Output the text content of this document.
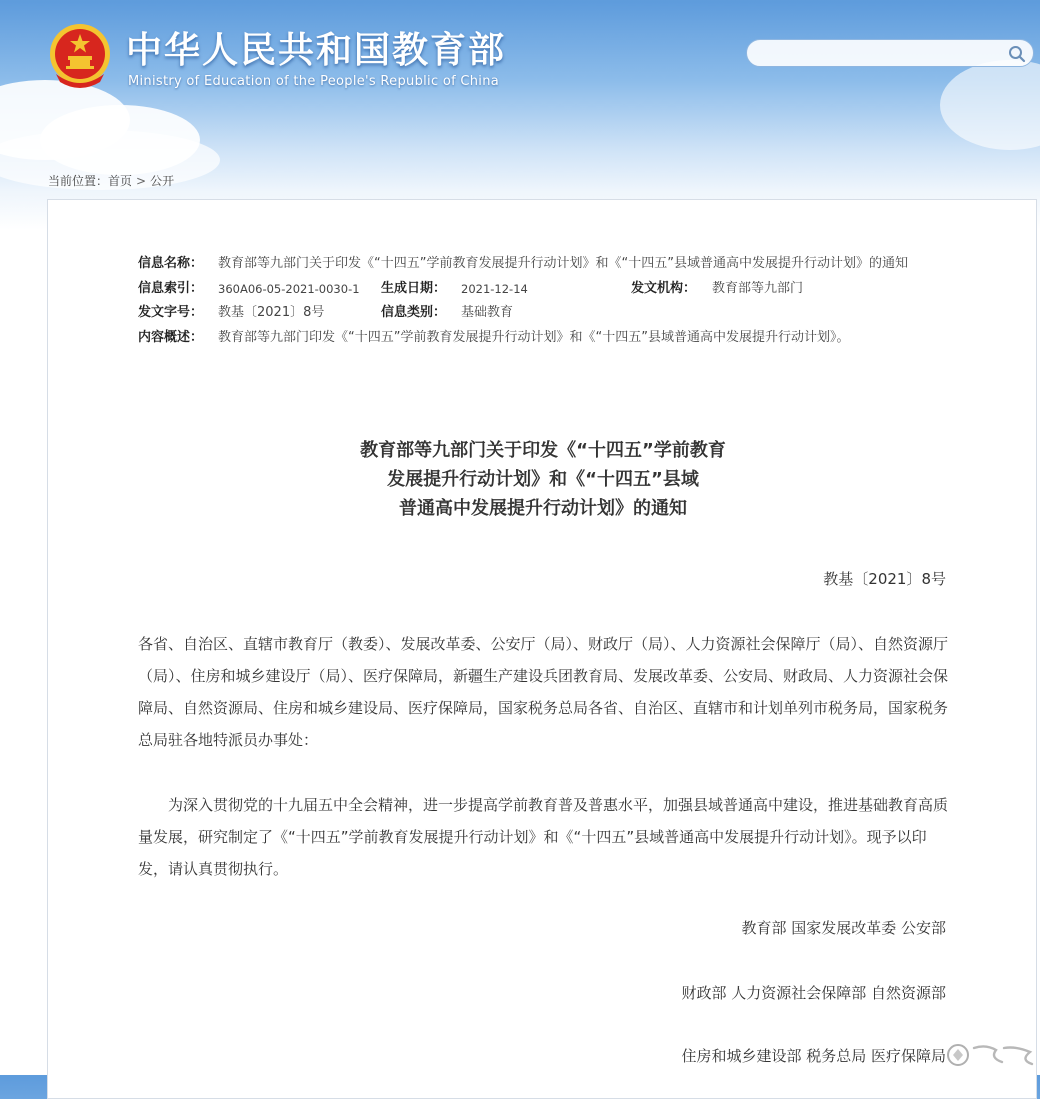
中华人民共和国教育部
Ministry of Education of the People's Republic of China
当前位置：首页 > 公开
信息名称： 教育部等九部门关于印发《“十四五”学前教育发展提升行动计划》和《“十四五”县域普通高中发展提升行动计划》的通知
信息索引： 360A06-05-2021-0030-1 生成日期： 2021-12-14	发文机构： 教育部等九部门
发文字号： 教基〔2021〕8号	信息类别： 基础教育
内容概述： 教育部等九部门印发《“十四五”学前教育发展提升行动计划》和《“十四五”县域普通高中发展提升行动计划》。
教育部等九部门关于印发《“十四五”学前教育
发展提升行动计划》和《“十四五”县域
普通高中发展提升行动计划》的通知
教基〔2021〕8号
各省、自治区、直辖市教育厅（教委）、发展改革委、公安厅（局）、财政厅（局）、人力资源社会保障厅（局）、自然资源厅（局）、住房和城乡建设厅（局）、医疗保障局，新疆生产建设兵团教育局、发展改革委、公安局、财政局、人力资源社会保障局、自然资源局、住房和城乡建设局、医疗保障局，国家税务总局各省、自治区、直辖市和计划单列市税务局，国家税务总局驻各地特派员办事处：
为深入贯彻党的十九届五中全会精神，进一步提高学前教育普及普惠水平，加强县域普通高中建设，推进基础教育高质量发展，研究制定了《“十四五”学前教育发展提升行动计划》和《“十四五”县域普通高中发展提升行动计划》。现予以印发，请认真贯彻执行。
教育部 国家发展改革委 公安部
财政部 人力资源社会保障部 自然资源部
住房和城乡建设部 税务总局 医疗保障局
